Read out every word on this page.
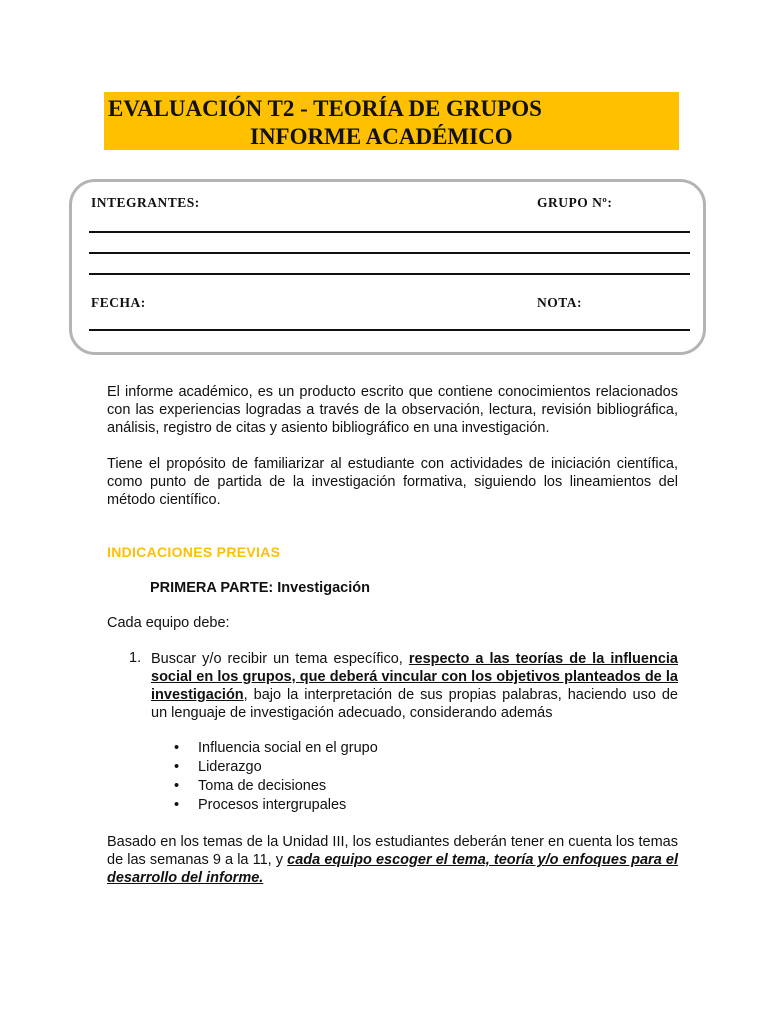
EVALUACIÓN T2 - TEORÍA DE GRUPOS
INFORME ACADÉMICO
INTEGRANTES:	GRUPO Nº:
FECHA:	NOTA:

El informe académico, es un producto escrito que contiene conocimientos relacionados con las experiencias logradas a través de la observación, lectura, revisión bibliográfica, análisis, registro de citas y asiento bibliográfico en una investigación.

Tiene el propósito de familiarizar al estudiante con actividades de iniciación científica, como punto de partida de la investigación formativa, siguiendo los lineamientos del método científico.

INDICACIONES PREVIAS
PRIMERA PARTE: Investigación
Cada equipo debe:
1. Buscar y/o recibir un tema específico, respecto a las teorías de la influencia social en los grupos, que deberá vincular con los objetivos planteados de la investigación, bajo la interpretación de sus propias palabras, haciendo uso de un lenguaje de investigación adecuado, considerando además

• Influencia social en el grupo
• Liderazgo
• Toma de decisiones
• Procesos intergrupales

Basado en los temas de la Unidad III, los estudiantes deberán tener en cuenta los temas de las semanas 9 a la 11, y cada equipo escoger el tema, teoría y/o enfoques para el desarrollo del informe.
